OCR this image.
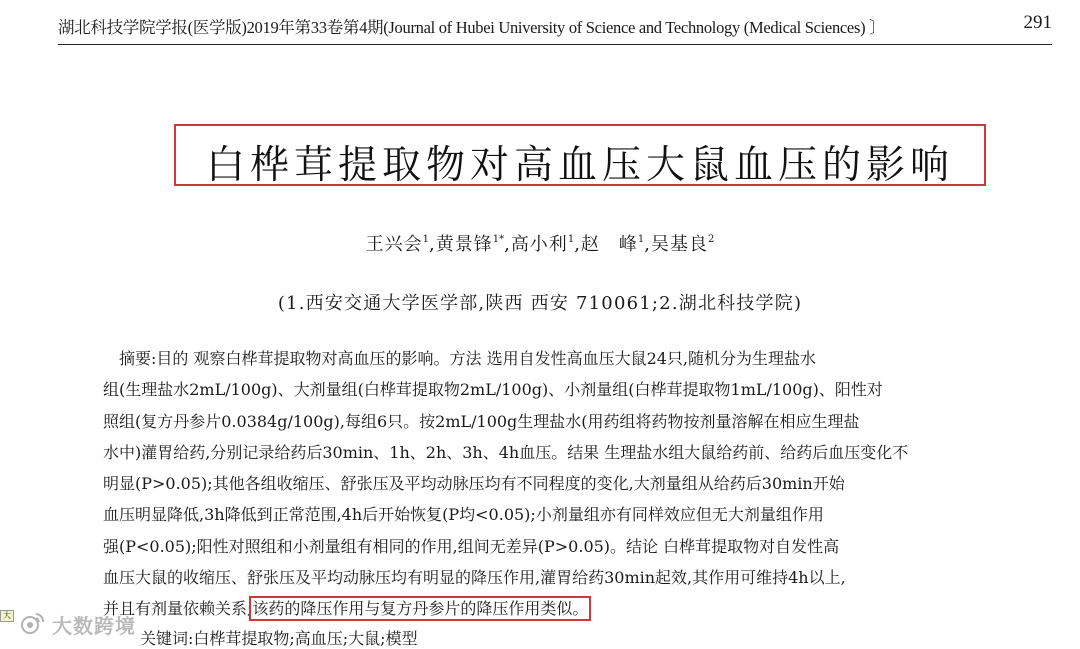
湖北科技学院学报(医学版)2019年第33卷第4期(Journal of Hubei University of Science and Technology (Medical Sciences) 〕	291
白桦茸提取物对高血压大鼠血压的影响
王兴会$^1$,黄景锋$^{1*}$,高小利$^1$,赵　峰$^1$,吴基良$^2$
(1.西安交通大学医学部,陕西 西安 710061;2.湖北科技学院)
　摘要:目的 观察白桦茸提取物对高血压的影响。方法 选用自发性高血压大鼠24只,随机分为生理盐水
组(生理盐水2mL/100g)、大剂量组(白桦茸提取物2mL/100g)、小剂量组(白桦茸提取物1mL/100g)、阳性对
照组(复方丹参片0.0384g/100g),每组6只。按2mL/100g生理盐水(用药组将药物按剂量溶解在相应生理盐
水中)灌胃给药,分别记录给药后30min、1h、2h、3h、4h血压。结果 生理盐水组大鼠给药前、给药后血压变化不
明显(P>0.05);其他各组收缩压、舒张压及平均动脉压均有不同程度的变化,大剂量组从给药后30min开始
血压明显降低,3h降低到正常范围,4h后开始恢复(P均<0.05);小剂量组亦有同样效应但无大剂量组作用
强(P<0.05);阳性对照组和小剂量组有相同的作用,组间无差异(P>0.05)。结论 白桦茸提取物对自发性高
血压大鼠的收缩压、舒张压及平均动脉压均有明显的降压作用,灌胃给药30min起效,其作用可维持4h以上,
并且有剂量依赖关系;该药的降压作用与复方丹参片的降压作用类似。
关键词:白桦茸提取物;高血压;大鼠;模型
大 大数跨境
